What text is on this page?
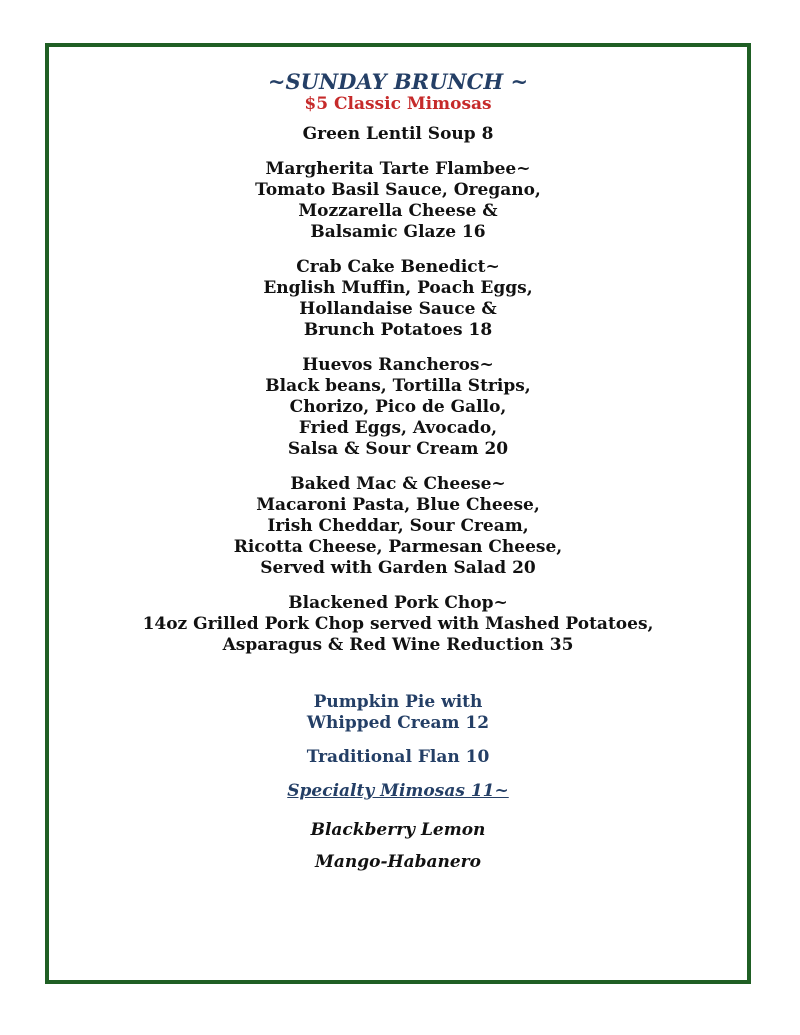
~SUNDAY BRUNCH ~

$5 Classic Mimosas

Green Lentil Soup 8
Margherita Tarte Flambee~
Tomato Basil Sauce, Oregano,
Mozzarella Cheese &
Balsamic Glaze 16
Crab Cake Benedict~
English Muffin, Poach Eggs,
Hollandaise Sauce &
Brunch Potatoes 18
Huevos Rancheros~
Black beans, Tortilla Strips,
Chorizo, Pico de Gallo,
Fried Eggs, Avocado,
Salsa & Sour Cream 20
Baked Mac & Cheese~
Macaroni Pasta, Blue Cheese,
Irish Cheddar, Sour Cream,
Ricotta Cheese, Parmesan Cheese,
Served with Garden Salad 20
Blackened Pork Chop~
14oz Grilled Pork Chop served with Mashed Potatoes,
Asparagus & Red Wine Reduction 35
Pumpkin Pie with
Whipped Cream 12
Traditional Flan 10

Specialty Mimosas 11~

Blackberry Lemon

Mango-Habanero
